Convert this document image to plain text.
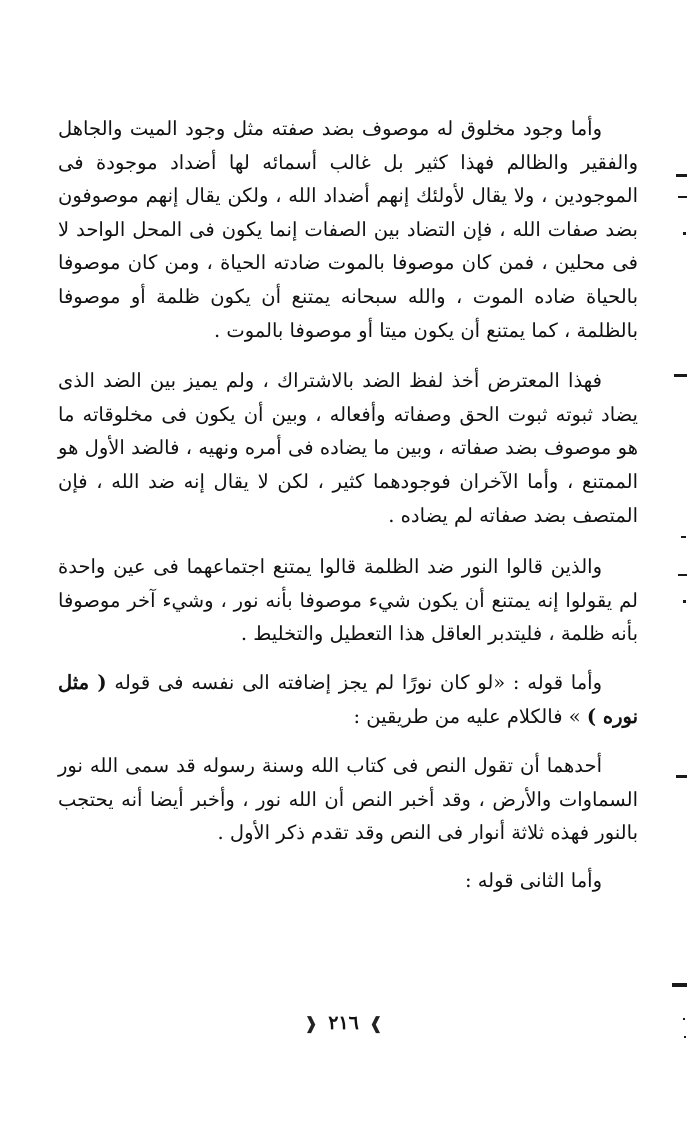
وأما وجود مخلوق له موصوف بضد صفته مثل وجود الميت والجاهل والفقير والظالم فهذا كثير بل غالب أسمائه لها أضداد موجودة فى الموجودين ، ولا يقال لأولئك إنهم أضداد الله ، ولكن يقال إنهم موصوفون بضد صفات الله ، فإن التضاد بين الصفات إنما يكون فى المحل الواحد لا فى محلين ، فمن كان موصوفا بالموت ضادته الحياة ، ومن كان موصوفا بالحياة ضاده الموت ، والله سبحانه يمتنع أن يكون ظلمة أو موصوفا بالظلمة ، كما يمتنع أن يكون ميتا أو موصوفا بالموت .

فهذا المعترض أخذ لفظ الضد بالاشتراك ، ولم يميز بين الضد الذى يضاد ثبوته ثبوت الحق وصفاته وأفعاله ، وبين أن يكون فى مخلوقاته ما هو موصوف بضد صفاته ، وبين ما يضاده فى أمره ونهيه ، فالضد الأول هو الممتنع ، وأما الآخران فوجودهما كثير ، لكن لا يقال إنه ضد الله ، فإن المتصف بضد صفاته لم يضاده .

والذين قالوا النور ضد الظلمة قالوا يمتنع اجتماعهما فى عين واحدة لم يقولوا إنه يمتنع أن يكون شيء موصوفا بأنه نور ، وشيء آخر موصوفا بأنه ظلمة ، فليتدبر العاقل هذا التعطيل والتخليط .

وأما قوله : «لو كان نورًا لم يجز إضافته الى نفسه فى قوله ( مثل نوره ) » فالكلام عليه من طريقين :

أحدهما أن تقول النص فى كتاب الله وسنة رسوله قد سمى الله نور السماوات والأرض ، وقد أخبر النص أن الله نور ، وأخبر أيضا أنه يحتجب بالنور فهذه ثلاثة أنوار فى النص وقد تقدم ذكر الأول .

وأما الثانى قوله :

❱ ٢١٦ ❰
